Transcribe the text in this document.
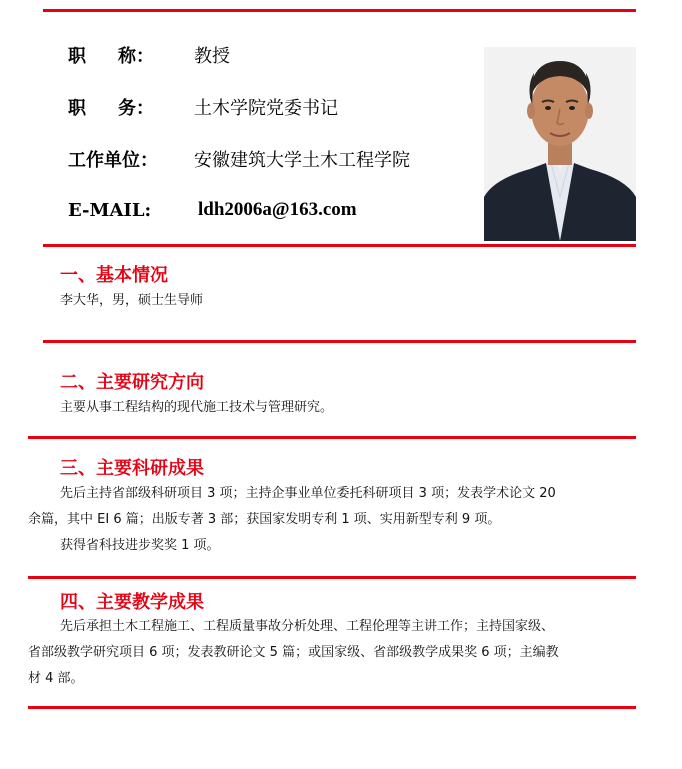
职 称： 教授
职 务： 土木学院党委书记
工作单位：	安徽建筑大学土木工程学院
E-MAIL:	ldh2006a@163.com
一、基本情况
李大华，男，硕士生导师
二、主要研究方向
主要从事工程结构的现代施工技术与管理研究。
三、主要科研成果
先后主持省部级科研项目 3 项；主持企事业单位委托科研项目 3 项；发表学术论文 20
余篇，其中 EI 6 篇；出版专著 3 部；获国家发明专利 1 项、实用新型专利 9 项。
获得省科技进步奖奖 1 项。
四、主要教学成果
先后承担土木工程施工、工程质量事故分析处理、工程伦理等主讲工作；主持国家级、
省部级教学研究项目 6 项；发表教研论文 5 篇；或国家级、省部级教学成果奖 6 项；主编教
材 4 部。
